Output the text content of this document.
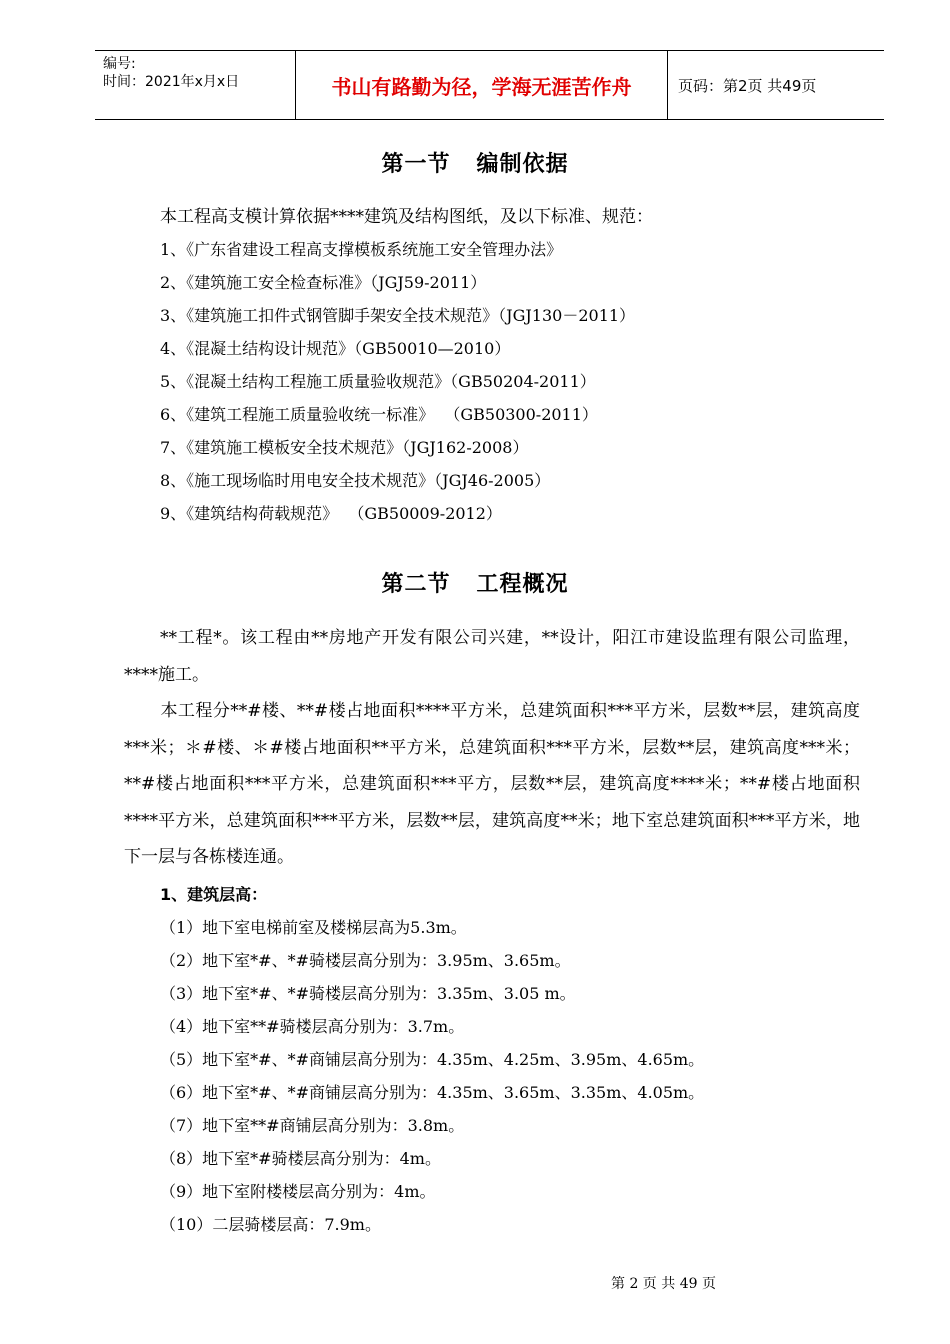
编号:
时间：2021年x月x日	书山有路勤为径，学海无涯苦作舟	页码：第2页 共49页
第一节   编制依据
本工程高支模计算依据****建筑及结构图纸，及以下标准、规范：
1、《广东省建设工程高支撑模板系统施工安全管理办法》
2、《建筑施工安全检查标准》（JGJ59-2011）
3、《建筑施工扣件式钢管脚手架安全技术规范》（JGJ130－2011）
4、《混凝土结构设计规范》（GB50010—2010）
5、《混凝土结构工程施工质量验收规范》（GB50204-2011）
6、《建筑工程施工质量验收统一标准》  （GB50300-2011）
7、《建筑施工模板安全技术规范》（JGJ162-2008）
8、《施工现场临时用电安全技术规范》（JGJ46-2005）
9、《建筑结构荷载规范》  （GB50009-2012）
第二节   工程概况
**工程*。该工程由**房地产开发有限公司兴建，**设计，阳江市建设监理有限公司监理，****施工。
本工程分**#楼、**#楼占地面积****平方米，总建筑面积***平方米，层数**层，建筑高度***米；＊#楼、＊#楼占地面积**平方米，总建筑面积***平方米，层数**层，建筑高度***米；**#楼占地面积***平方米，总建筑面积***平方，层数**层，建筑高度****米；**#楼占地面积****平方米，总建筑面积***平方米，层数**层，建筑高度**米；地下室总建筑面积***平方米，地下一层与各栋楼连通。
1、建筑层高：
（1）地下室电梯前室及楼梯层高为5.3m。
（2）地下室*#、*#骑楼层高分别为：3.95m、3.65m。
（3）地下室*#、*#骑楼层高分别为：3.35m、3.05 m。
（4）地下室**#骑楼层高分别为：3.7m。
（5）地下室*#、*#商铺层高分别为：4.35m、4.25m、3.95m、4.65m。
（6）地下室*#、*#商铺层高分别为：4.35m、3.65m、3.35m、4.05m。
（7）地下室**#商铺层高分别为：3.8m。
（8）地下室*#骑楼层高分别为：4m。
（9）地下室附楼楼层高分别为：4m。
（10）二层骑楼层高：7.9m。
第 2 页 共 49 页
